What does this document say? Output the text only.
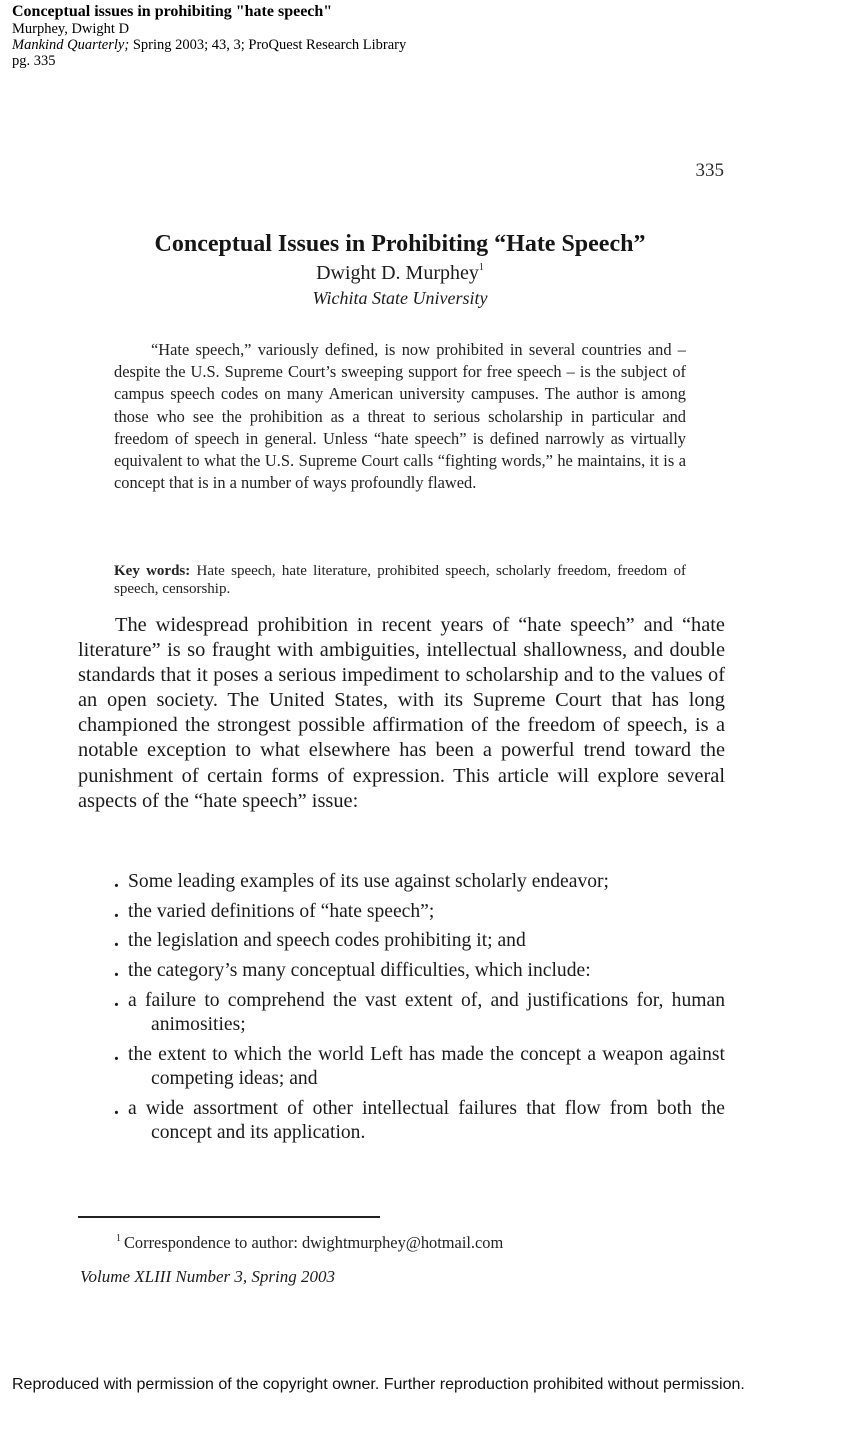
Conceptual issues in prohibiting "hate speech"
Murphey, Dwight D
Mankind Quarterly; Spring 2003; 43, 3; ProQuest Research Library
pg. 335
335
Conceptual Issues in Prohibiting “Hate Speech”
Dwight D. Murphey$^1$
Wichita State University
“Hate speech,” variously defined, is now prohibited in several countries and – despite the U.S. Supreme Court’s sweeping support for free speech – is the subject of campus speech codes on many American university campuses. The author is among those who see the prohibition as a threat to serious scholarship in particular and freedom of speech in general. Unless “hate speech” is defined narrowly as virtually equivalent to what the U.S. Supreme Court calls “fighting words,” he maintains, it is a concept that is in a number of ways profoundly flawed.
Key words: Hate speech, hate literature, prohibited speech, scholarly freedom, freedom of speech, censorship.
The widespread prohibition in recent years of “hate speech” and “hate literature” is so fraught with ambiguities, intellectual shallowness, and double standards that it poses a serious impediment to scholarship and to the values of an open society. The United States, with its Supreme Court that has long championed the strongest possible affirmation of the freedom of speech, is a notable exception to what elsewhere has been a powerful trend toward the punishment of certain forms of expression. This article will explore several aspects of the “hate speech” issue:
. Some leading examples of its use against scholarly endeavor;
. the varied definitions of “hate speech”;
. the legislation and speech codes prohibiting it; and
. the category’s many conceptual difficulties, which include:
. a failure to comprehend the vast extent of, and justifications for, human animosities;
. the extent to which the world Left has made the concept a weapon against competing ideas; and
. a wide assortment of other intellectual failures that flow from both the concept and its application.
$^1$ Correspondence to author: dwightmurphey@hotmail.com
Volume XLIII Number 3, Spring 2003
Reproduced with permission of the copyright owner. Further reproduction prohibited without permission.
